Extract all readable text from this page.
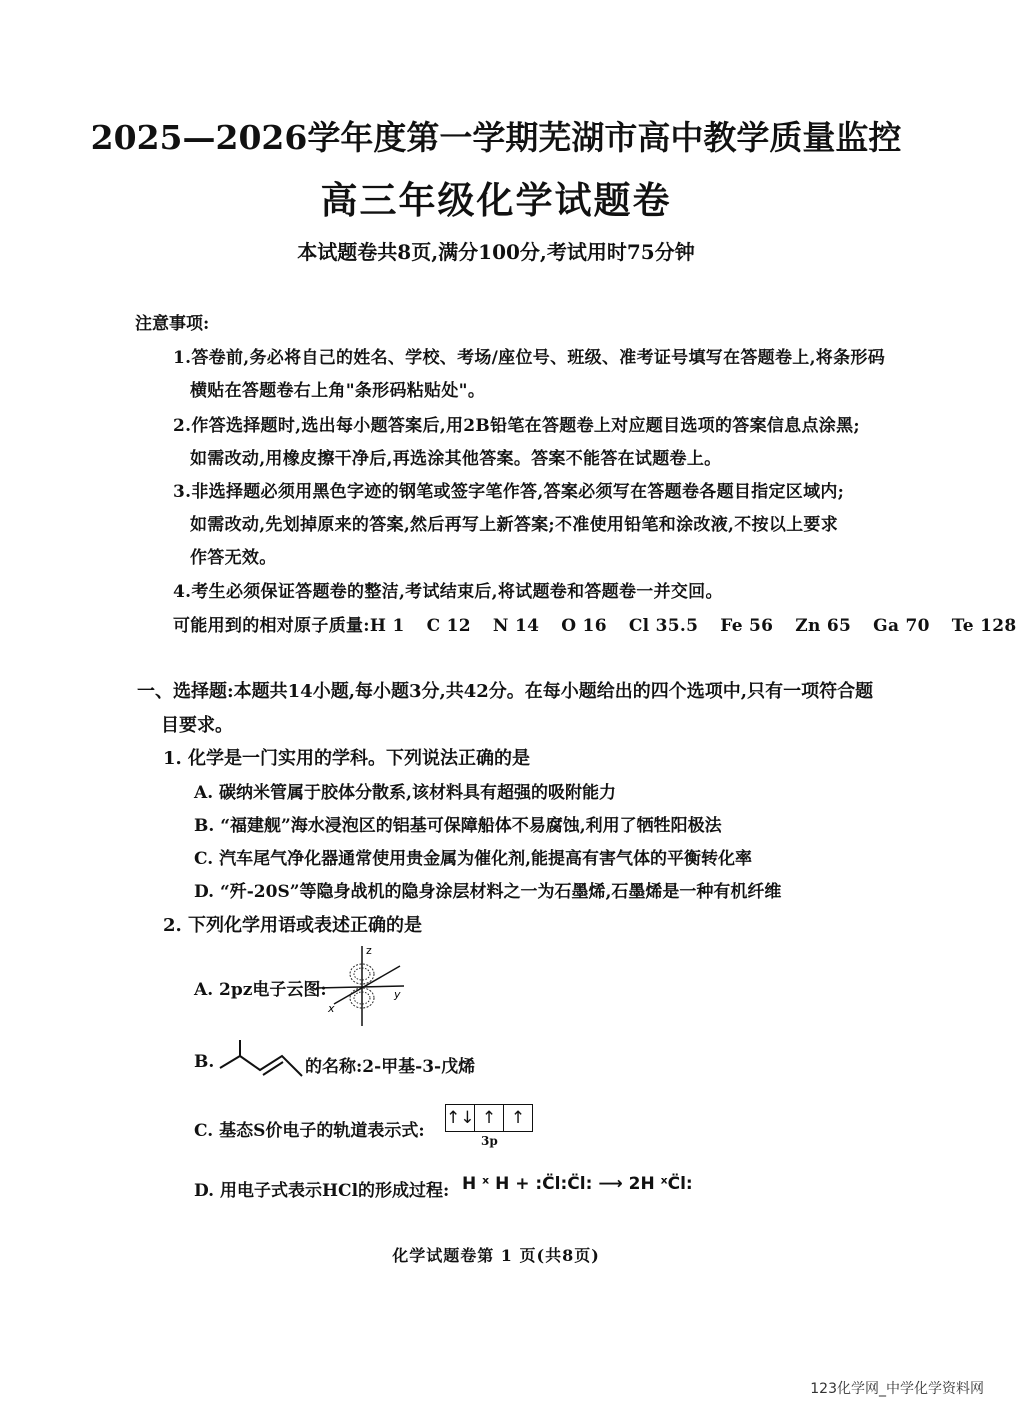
2025—2026学年度第一学期芜湖市高中教学质量监控
高三年级化学试题卷
本试题卷共8页,满分100分,考试用时75分钟
注意事项:
1.答卷前,务必将自己的姓名、学校、考场/座位号、班级、准考证号填写在答题卷上,将条形码
横贴在答题卷右上角"条形码粘贴处"。
2.作答选择题时,选出每小题答案后,用2B铅笔在答题卷上对应题目选项的答案信息点涂黑;
如需改动,用橡皮擦干净后,再选涂其他答案。答案不能答在试题卷上。
3.非选择题必须用黑色字迹的钢笔或签字笔作答,答案必须写在答题卷各题目指定区域内;
如需改动,先划掉原来的答案,然后再写上新答案;不准使用铅笔和涂改液,不按以上要求
作答无效。
4.考生必须保证答题卷的整洁,考试结束后,将试题卷和答题卷一并交回。
可能用到的相对原子质量:H 1 C 12 N 14 O 16 Cl 35.5 Fe 56 Zn 65 Ga 70 Te 128
一、选择题:本题共14小题,每小题3分,共42分。在每小题给出的四个选项中,只有一项符合题
目要求。
1. 化学是一门实用的学科。下列说法正确的是
A. 碳纳米管属于胶体分散系,该材料具有超强的吸附能力
B. “福建舰”海水浸泡区的铝基可保障船体不易腐蚀,利用了牺牲阳极法
C. 汽车尾气净化器通常使用贵金属为催化剂,能提高有害气体的平衡转化率
D. “歼-20S”等隐身战机的隐身涂层材料之一为石墨烯,石墨烯是一种有机纤维
2. 下列化学用语或表述正确的是
A. 2pz电子云图:
z
x
y
B.	的名称:2-甲基-3-戊烯
C. 基态S价电子的轨道表示式:
↑↓ ↑ ↑
3p
D. 用电子式表示HCl的形成过程: H ˣ H + :C̈l:C̈l: ⟶ 2H ˣC̈l:
化学试题卷第 1 页(共8页)
123化学网_中学化学资料网
